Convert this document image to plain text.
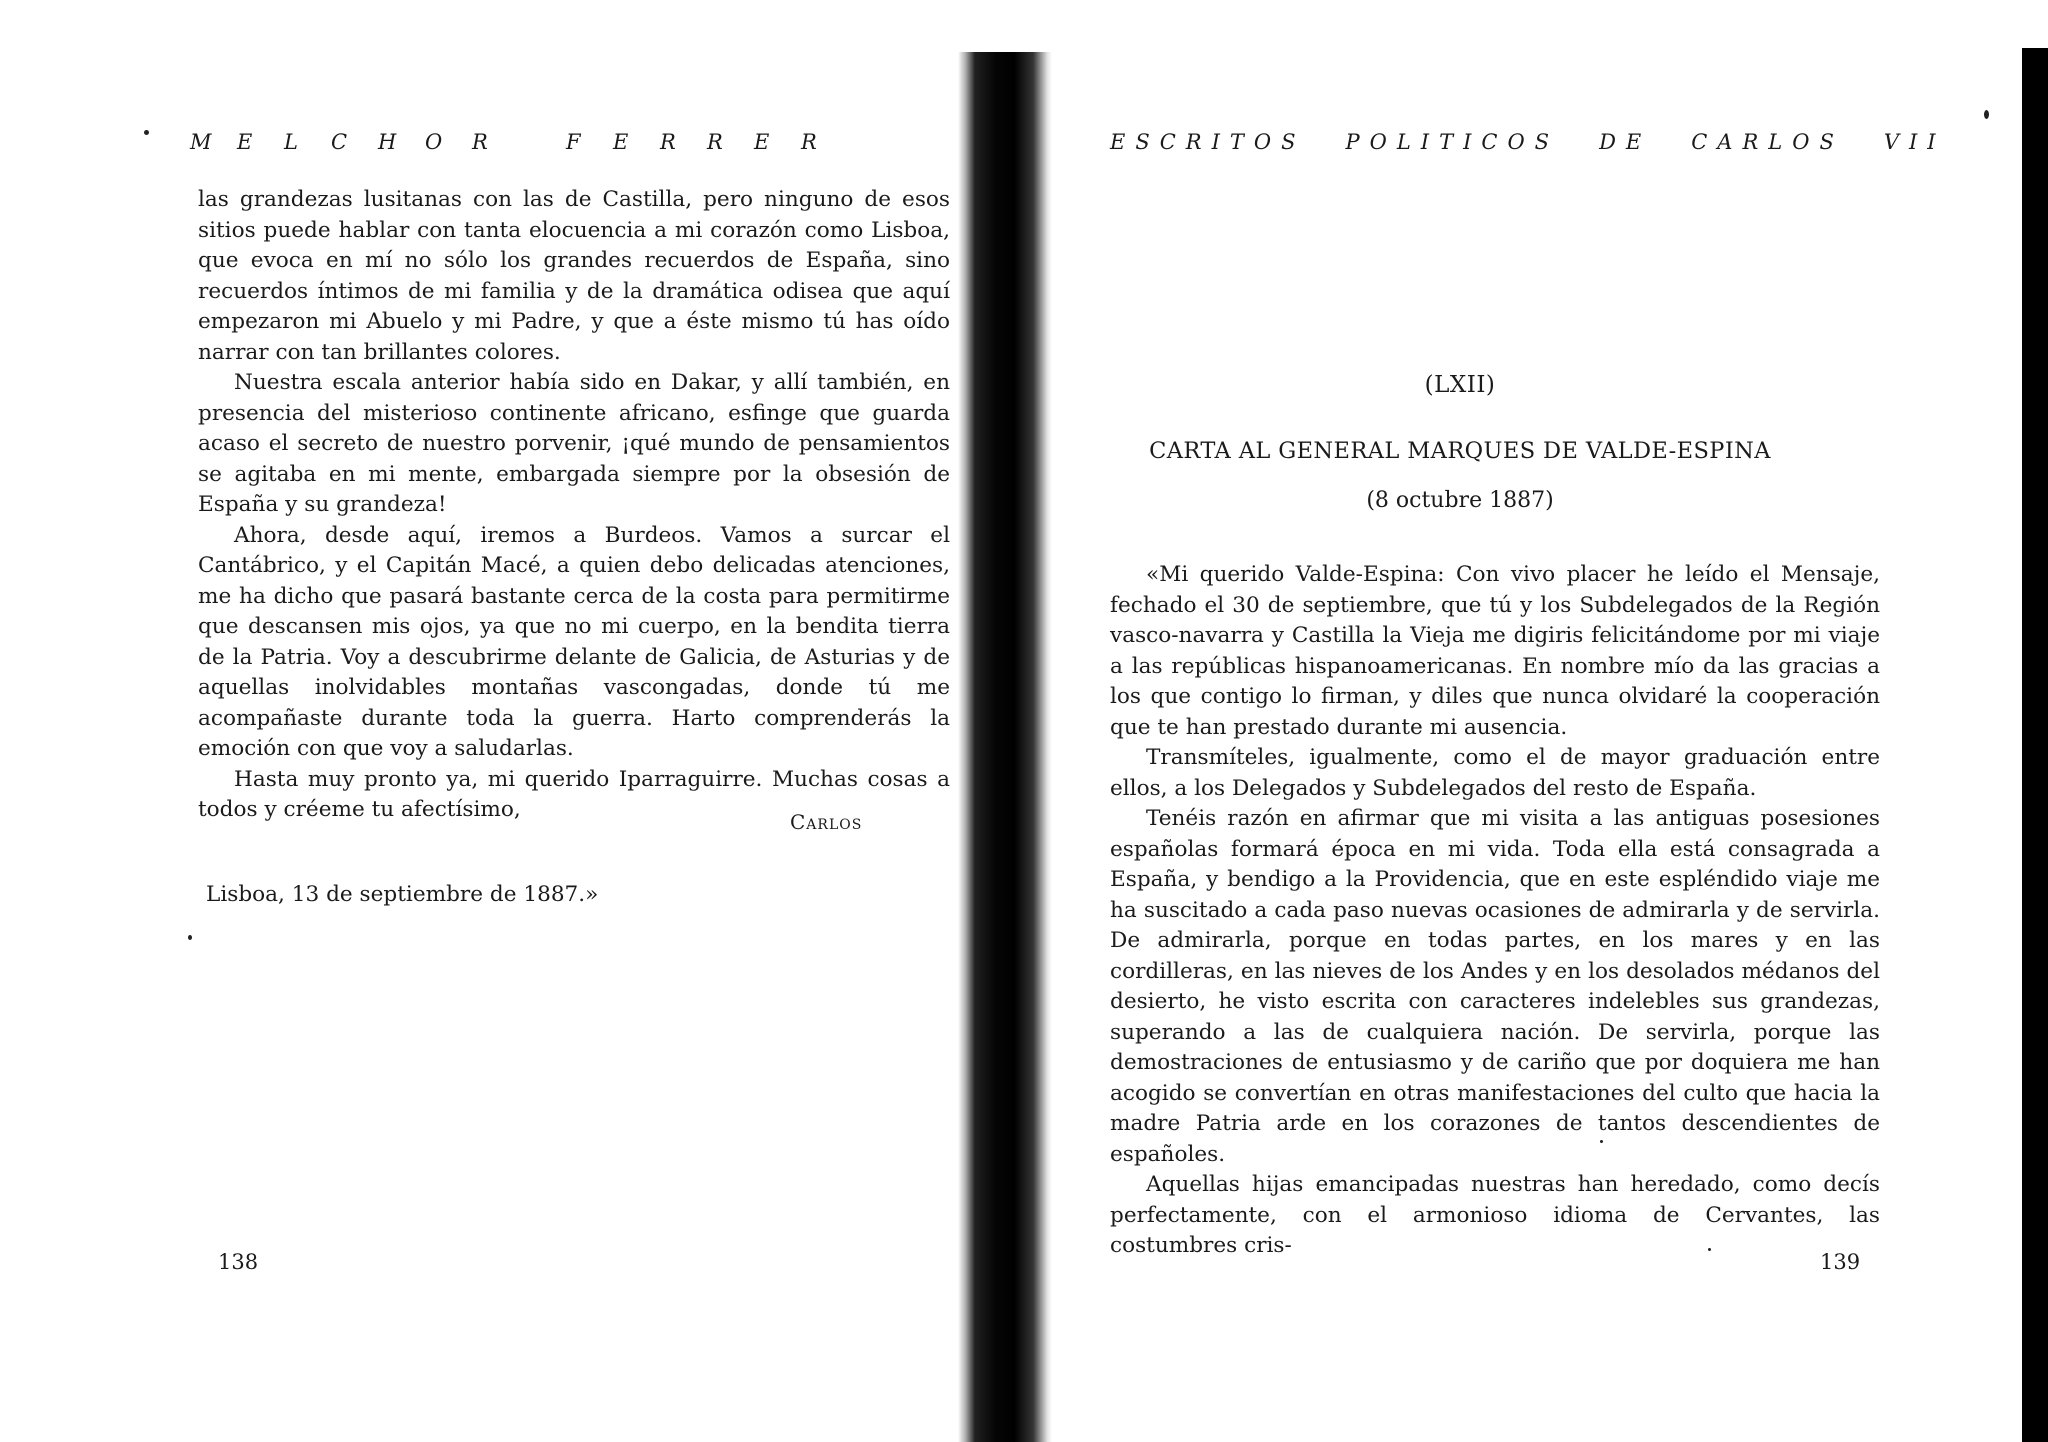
M E L C H O R	F E R R E R

las grandezas lusitanas con las de Castilla, pero ninguno de esos sitios puede hablar con tanta elocuencia a mi corazón como Lisboa, que evoca en mí no sólo los grandes recuerdos de España, sino recuerdos íntimos de mi familia y de la dramática odisea que aquí empezaron mi Abuelo y mi Padre, y que a éste mismo tú has oído narrar con tan brillantes colores.

Nuestra escala anterior había sido en Dakar, y allí también, en presencia del misterioso continente africano, esfinge que guarda acaso el secreto de nuestro porvenir, ¡qué mundo de pensamientos se agitaba en mi mente, embargada siempre por la obsesión de España y su grandeza!

Ahora, desde aquí, iremos a Burdeos. Vamos a surcar el Cantábrico, y el Capitán Macé, a quien debo delicadas atenciones, me ha dicho que pasará bastante cerca de la costa para permitirme que descansen mis ojos, ya que no mi cuerpo, en la bendita tierra de la Patria. Voy a descubrirme delante de Galicia, de Asturias y de aquellas inolvidables montañas vascongadas, donde tú me acompañaste durante toda la guerra. Harto comprenderás la emoción con que voy a saludarlas.

Hasta muy pronto ya, mi querido Iparraguirre. Muchas cosas a todos y créeme tu afectísimo,	Carlos
Lisboa, 13 de septiembre de 1887.»
138
ESCRITOS POLITICOS DE CARLOS VII
(LXII)
CARTA AL GENERAL MARQUES DE VALDE-ESPINA
(8 octubre 1887)

«Mi querido Valde-Espina: Con vivo placer he leído el Mensaje, fechado el 30 de septiembre, que tú y los Subdelegados de la Región vasco-navarra y Castilla la Vieja me digiris felicitándome por mi viaje a las repúblicas hispanoamericanas. En nombre mío da las gracias a los que contigo lo firman, y diles que nunca olvidaré la cooperación que te han prestado durante mi ausencia.

Transmíteles, igualmente, como el de mayor graduación entre ellos, a los Delegados y Subdelegados del resto de España.

Tenéis razón en afirmar que mi visita a las antiguas posesiones españolas formará época en mi vida. Toda ella está consagrada a España, y bendigo a la Providencia, que en este espléndido viaje me ha suscitado a cada paso nuevas ocasiones de admirarla y de servirla. De admirarla, porque en todas partes, en los mares y en las cordilleras, en las nieves de los Andes y en los desolados médanos del desierto, he visto escrita con caracteres indelebles sus grandezas, superando a las de cualquiera nación. De servirla, porque las demostraciones de entusiasmo y de cariño que por doquiera me han acogido se convertían en otras manifestaciones del culto que hacia la madre Patria arde en los corazones de tantos descendientes de españoles.

Aquellas hijas emancipadas nuestras han heredado, como decís perfectamente, con el armonioso idioma de Cervantes, las costumbres cris-

139
